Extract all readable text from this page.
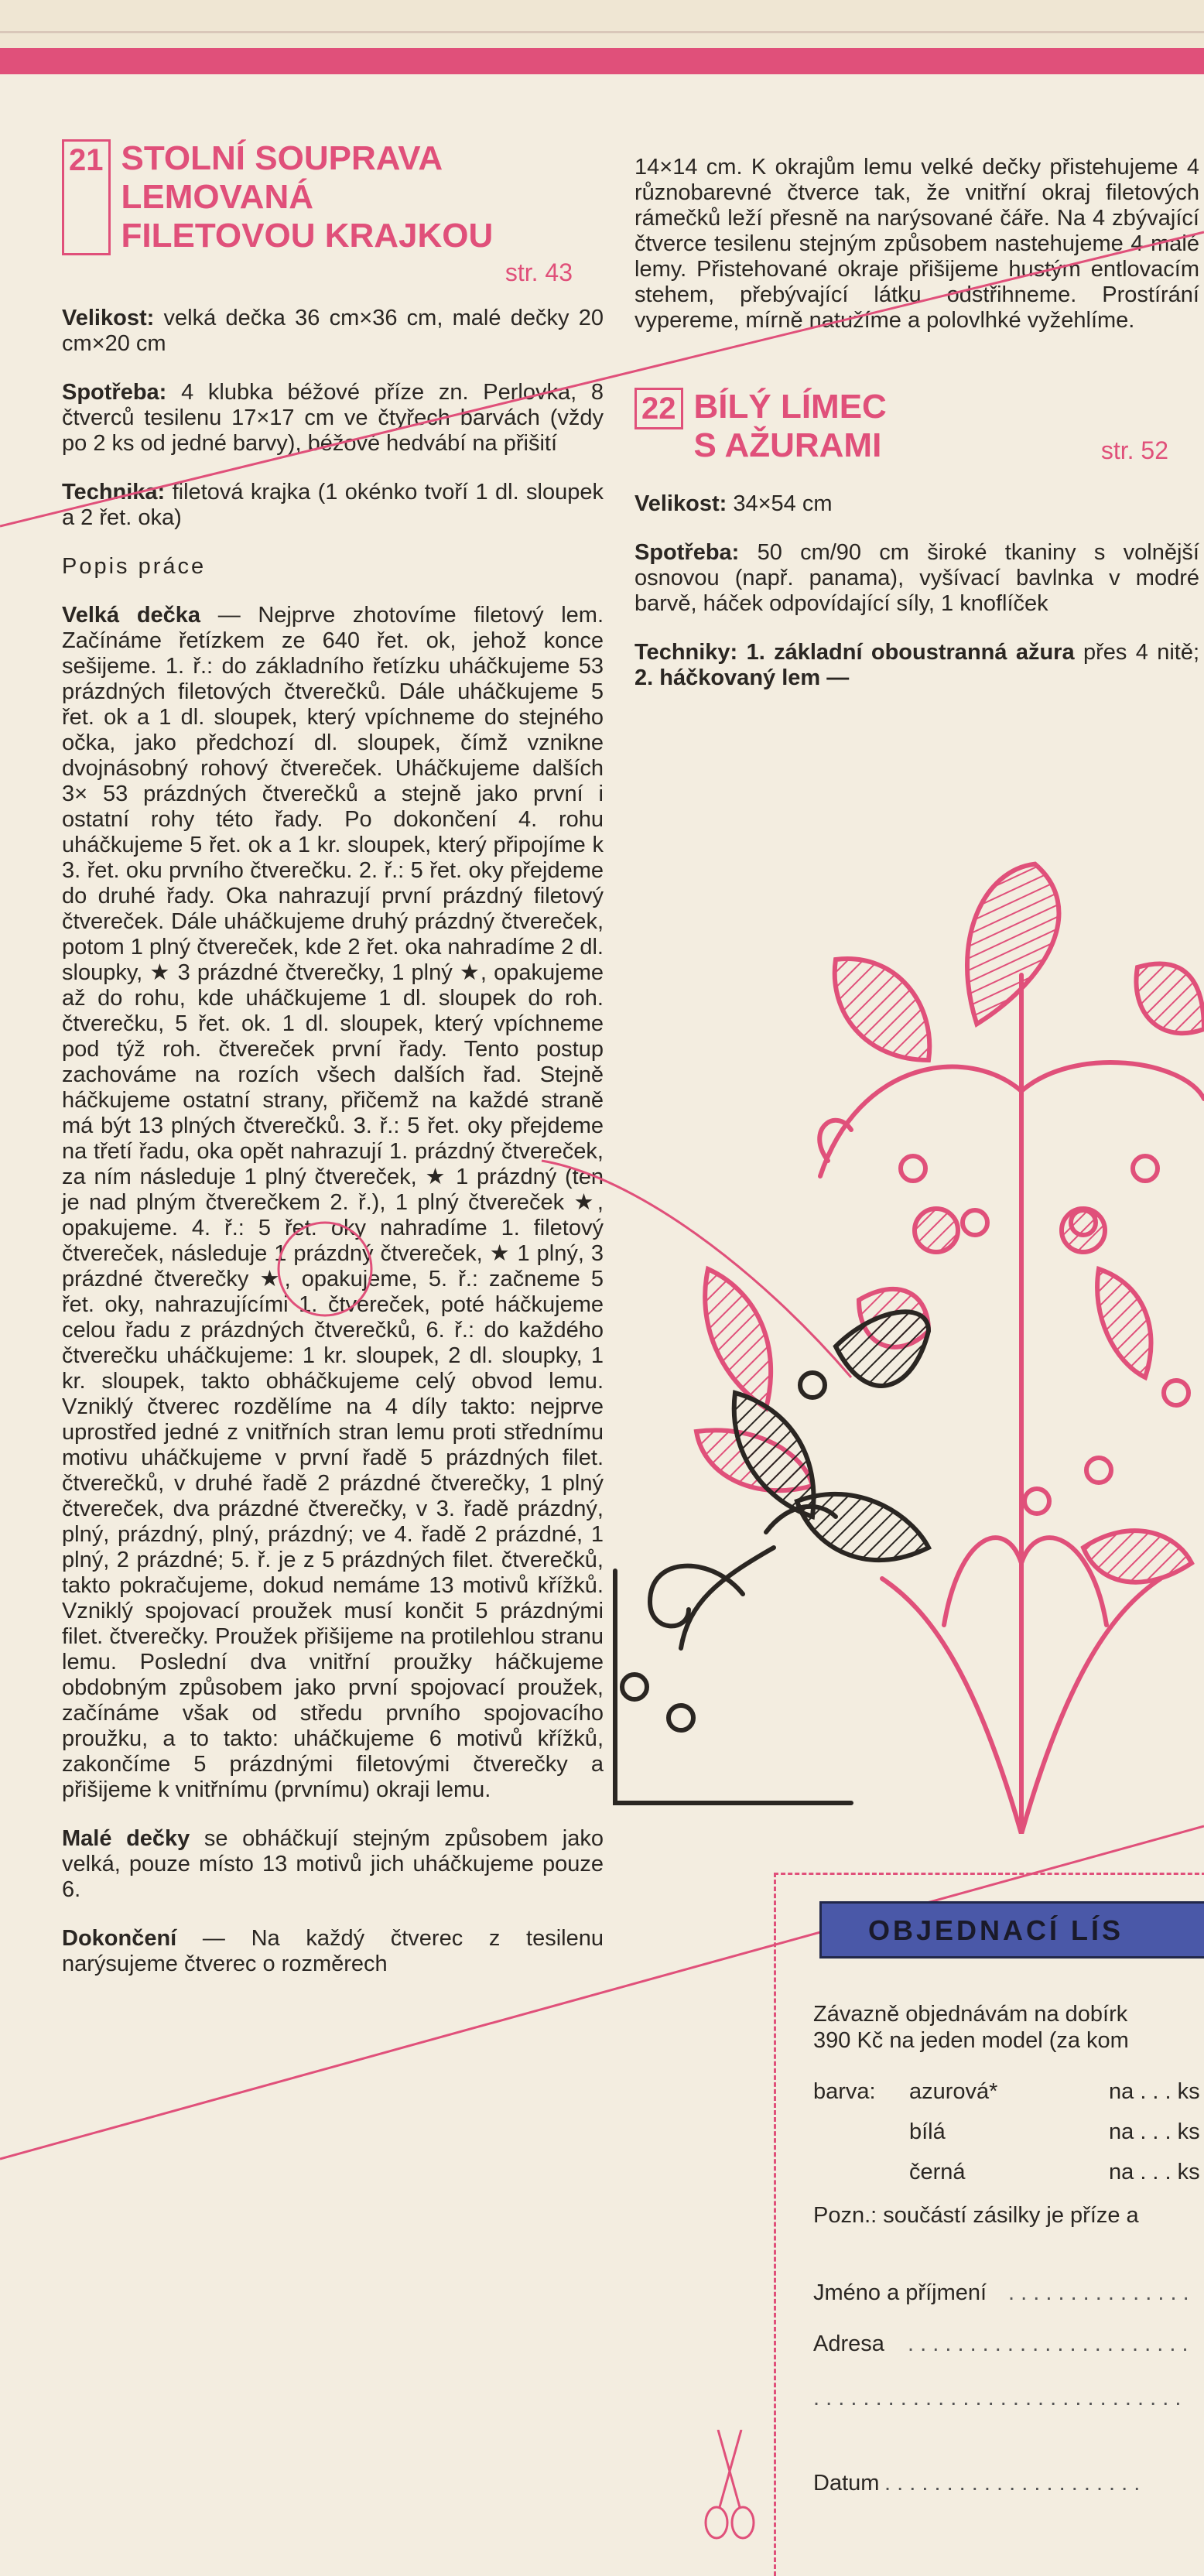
21 STOLNÍ SOUPRAVA
LEMOVANÁ
FILETOVOU KRAJKOU
str. 43

Velikost: velká dečka 36 cm×36 cm, malé dečky 20 cm×20 cm

Spotřeba: 4 klubka béžové příze zn. Perlovka, 8 čtverců tesilenu 17×17 cm ve čtyřech barvách (vždy po 2 ks od jedné barvy), béžové hedvábí na přišití

Technika: filetová krajka (1 okénko tvoří 1 dl. sloupek a 2 řet. oka)

Popis práce

Velká dečka — Nejprve zhotovíme filetový lem. Začínáme řetízkem ze 640 řet. ok, jehož konce sešijeme. 1. ř.: do základního řetízku uháčkujeme 53 prázdných filetových čtverečků. Dále uháčkujeme 5 řet. ok a 1 dl. sloupek, který vpíchneme do stejného očka, jako předchozí dl. sloupek, čímž vznikne dvojnásobný rohový čtvereček. Uháčkujeme dalších 3× 53 prázdných čtverečků a stejně jako první i ostatní rohy této řady. Po dokončení 4. rohu uháčkujeme 5 řet. ok a 1 kr. sloupek, který připojíme k 3. řet. oku prvního čtverečku. 2. ř.: 5 řet. oky přejdeme do druhé řady. Oka nahrazují první prázdný filetový čtvereček. Dále uháčkujeme druhý prázdný čtvereček, potom 1 plný čtvereček, kde 2 řet. oka nahradíme 2 dl. sloupky, ★ 3 prázdné čtverečky, 1 plný ★, opakujeme až do rohu, kde uháčkujeme 1 dl. sloupek do roh. čtverečku, 5 řet. ok. 1 dl. sloupek, který vpíchneme pod týž roh. čtvereček první řady. Tento postup zachováme na rozích všech dalších řad. Stejně háčkujeme ostatní strany, přičemž na každé straně má být 13 plných čtverečků. 3. ř.: 5 řet. oky přejdeme na třetí řadu, oka opět nahrazují 1. prázdný čtvereček, za ním následuje 1 plný čtvereček, ★ 1 prázdný (ten je nad plným čtverečkem 2. ř.), 1 plný čtvereček ★, opakujeme. 4. ř.: 5 řet. oky nahradíme 1. filetový čtvereček, následuje 1 prázdný čtvereček, ★ 1 plný, 3 prázdné čtverečky ★, opakujeme, 5. ř.: začneme 5 řet. oky, nahrazujícími 1. čtvereček, poté háčkujeme celou řadu z prázdných čtverečků, 6. ř.: do každého čtverečku uháčkujeme: 1 kr. sloupek, 2 dl. sloupky, 1 kr. sloupek, takto obháčkujeme celý obvod lemu. Vzniklý čtverec rozdělíme na 4 díly takto: nejprve uprostřed jedné z vnitřních stran lemu proti střednímu motivu uháčkujeme v první řadě 5 prázdných filet. čtverečků, v druhé řadě 2 prázdné čtverečky, 1 plný čtvereček, dva prázdné čtverečky, v 3. řadě prázdný, plný, prázdný, plný, prázdný; ve 4. řadě 2 prázdné, 1 plný, 2 prázdné; 5. ř. je z 5 prázdných filet. čtverečků, takto pokračujeme, dokud nemáme 13 motivů křížků. Vzniklý spojovací proužek musí končit 5 prázdnými filet. čtverečky. Proužek přišijeme na protilehlou stranu lemu. Poslední dva vnitřní proužky háčkujeme obdobným způsobem jako první spojovací proužek, začínáme však od středu prvního spojovacího proužku, a to takto: uháčkujeme 6 motivů křížků, zakončíme 5 prázdnými filetovými čtverečky a přišijeme k vnitřnímu (prvnímu) okraji lemu.

Malé dečky se obháčkují stejným způsobem jako velká, pouze místo 13 motivů jich uháčkujeme pouze 6.

Dokončení — Na každý čtverec z tesilenu narýsujeme čtverec o rozměrech

14×14 cm. K okrajům lemu velké dečky přistehujeme 4 různobarevné čtverce tak, že vnitřní okraj filetových rámečků leží přesně na narýsované čáře. Na 4 zbývající čtverce tesilenu stejným způsobem nastehujeme 4 malé lemy. Přistehované okraje přišijeme hustým entlovacím stehem, přebývající látku odstřihneme. Prostírání vypereme, mírně natužíme a polovlhké vyžehlíme.

22 BÍLÝ LÍMEC
S AŽURAMI	str. 52

Velikost: 34×54 cm

Spotřeba: 50 cm/90 cm široké tkaniny s volnější osnovou (např. panama), vyšívací bavlnka v modré barvě, háček odpovídající síly, 1 knoflíček

Techniky: 1. základní oboustranná ažura přes 4 nitě; 2. háčkovaný lem —

OBJEDNACÍ LÍS
Závazně objednávám na dobírk
390 Kč na jeden model (za kom
barva: azurová*	na . . . ks
bílá	na . . . ks
černá	na . . . ks
Pozn.: součástí zásilky je příze a
Jméno a příjmení . . . . . . . . . . . . . . .
Adresa . . . . . . . . . . . . . . . . . . . . . . .
. . . . . . . . . . . . . . . . . . . . . . . . . . . . . .
Datum . . . . . . . . . . . . . . . . . . . . .
